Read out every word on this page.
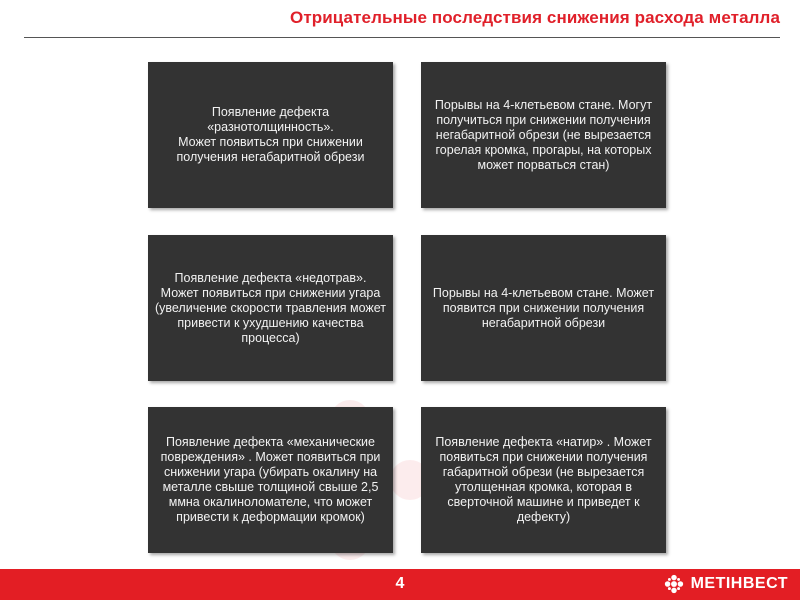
Отрицательные последствия снижения расхода металла
Появление дефекта «разнотолщинность».
Может появиться при снижении получения негабаритной обрези
Порывы на 4-клетьевом стане. Могут получиться при снижении получения негабаритной обрези (не вырезается горелая кромка, прогары, на которых может порваться стан)
Появление дефекта «недотрав». Может появиться при снижении угара (увеличение скорости травления может привести к ухудшению качества процесса)
Порывы на 4-клетьевом стане. Может появится при снижении получения негабаритной обрези
Появление дефекта «механические повреждения» . Может появиться при снижении угара (убирать окалину на металле свыше толщиной свыше 2,5 ммна окалиноломателе, что может привести к деформации кромок)
Появление дефекта «натир» . Может появиться при снижении получения габаритной обрези (не вырезается утолщенная кромка, которая в сверточной машине и приведет к дефекту)
4	МЕТІНВЕСТ
